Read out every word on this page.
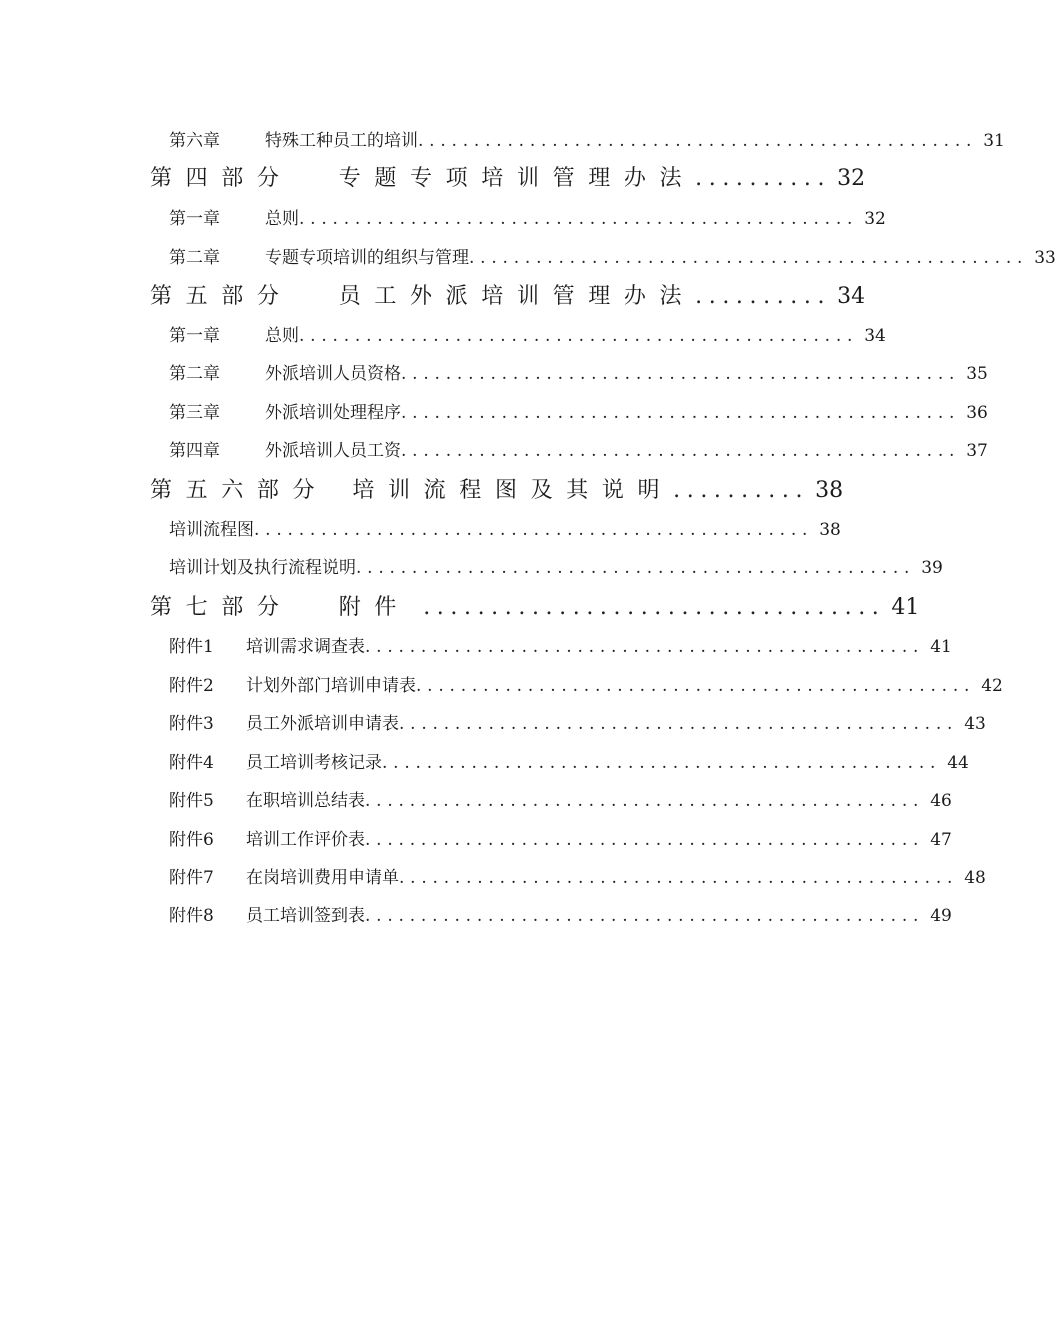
第六章	特殊工种员工的培训 .................................................. 31
第四部分	专题专项培训管理办法 .......... 32
第一章	总则 .................................................. 32
第二章	专题专项培训的组织与管理 .................................................. 33
第五部分	员工外派培训管理办法 .......... 34
第一章	总则 .................................................. 34
第二章	外派培训人员资格 .................................................. 35
第三章	外派培训处理程序 .................................................. 36
第四章	外派培训人员工资 .................................................. 37
第五六部分	培训流程图及其说明 .......... 38
培训流程图 .................................................. 38
培训计划及执行流程说明 .................................................. 39
第七部分	附件 .................................. 41
附件1	培训需求调查表 .................................................. 41
附件2	计划外部门培训申请表 .................................................. 42
附件3	员工外派培训申请表 .................................................. 43
附件4	员工培训考核记录 .................................................. 44
附件5	在职培训总结表 .................................................. 46
附件6	培训工作评价表 .................................................. 47
附件7	在岗培训费用申请单 .................................................. 48
附件8	员工培训签到表 .................................................. 49
